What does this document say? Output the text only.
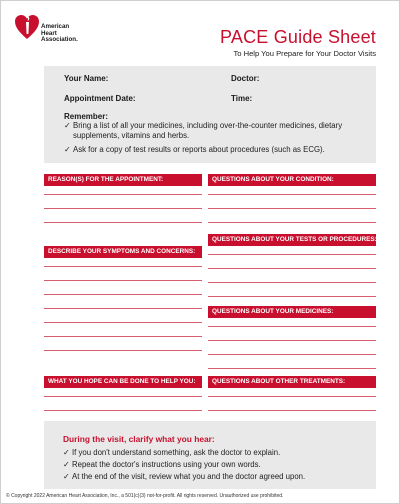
American
Heart
Association.	PACE Guide Sheet
To Help You Prepare for Your Doctor Visits
Your Name:	Doctor:
Appointment Date:	Time:
Remember:
✓ Bring a list of all your medicines, including over-the-counter medicines, dietary supplements, vitamins and herbs.
✓ Ask for a copy of test results or reports about procedures (such as ECG).
REASON(S) FOR THE APPOINTMENT:
DESCRIBE YOUR SYMPTOMS AND CONCERNS:
WHAT YOU HOPE CAN BE DONE TO HELP YOU:
QUESTIONS ABOUT YOUR CONDITION:
QUESTIONS ABOUT YOUR TESTS OR PROCEDURES:
QUESTIONS ABOUT YOUR MEDICINES:
QUESTIONS ABOUT OTHER TREATMENTS:
During the visit, clarify what you hear:
✓ If you don't understand something, ask the doctor to explain.
✓ Repeat the doctor's instructions using your own words.
✓ At the end of the visit, review what you and the doctor agreed upon.
© Copyright 2022 American Heart Association, Inc., a 501(c)(3) not-for-profit. All rights reserved. Unauthorized use prohibited.
